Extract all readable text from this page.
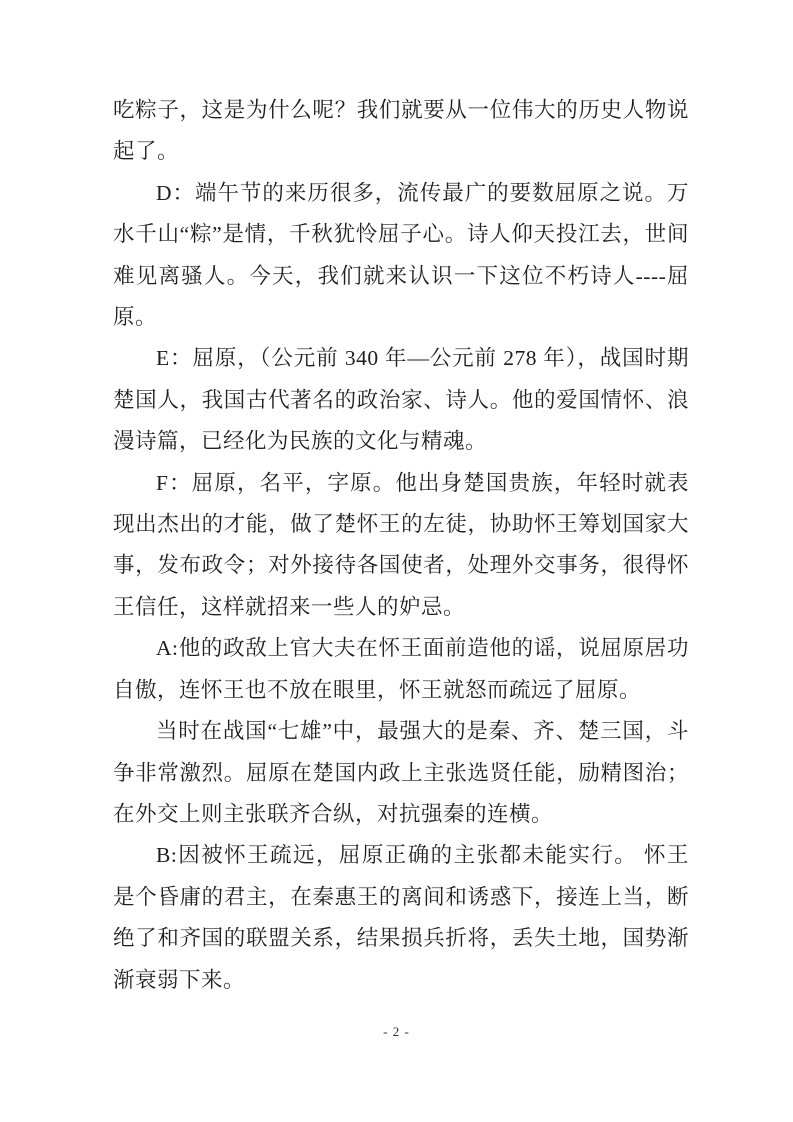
吃粽子，这是为什么呢？我们就要从一位伟大的历史人物说起了。

D：端午节的来历很多，流传最广的要数屈原之说。万水千山“粽”是情，千秋犹怜屈子心。诗人仰天投江去，世间难见离骚人。今天，我们就来认识一下这位不朽诗人----屈原。

E：屈原，（公元前 340 年—公元前 278 年），战国时期楚国人，我国古代著名的政治家、诗人。他的爱国情怀、浪漫诗篇，已经化为民族的文化与精魂。

F：屈原，名平，字原。他出身楚国贵族，年轻时就表现出杰出的才能，做了楚怀王的左徒，协助怀王筹划国家大事，发布政令；对外接待各国使者，处理外交事务，很得怀王信任，这样就招来一些人的妒忌。

A:他的政敌上官大夫在怀王面前造他的谣，说屈原居功自傲，连怀王也不放在眼里，怀王就怒而疏远了屈原。

当时在战国“七雄”中，最强大的是秦、齐、楚三国，斗争非常激烈。屈原在楚国内政上主张选贤任能，励精图治；在外交上则主张联齐合纵，对抗强秦的连横。

B:因被怀王疏远，屈原正确的主张都未能实行。 怀王是个昏庸的君主，在秦惠王的离间和诱惑下，接连上当，断绝了和齐国的联盟关系，结果损兵折将，丢失土地，国势渐渐衰弱下来。

- 2 -
